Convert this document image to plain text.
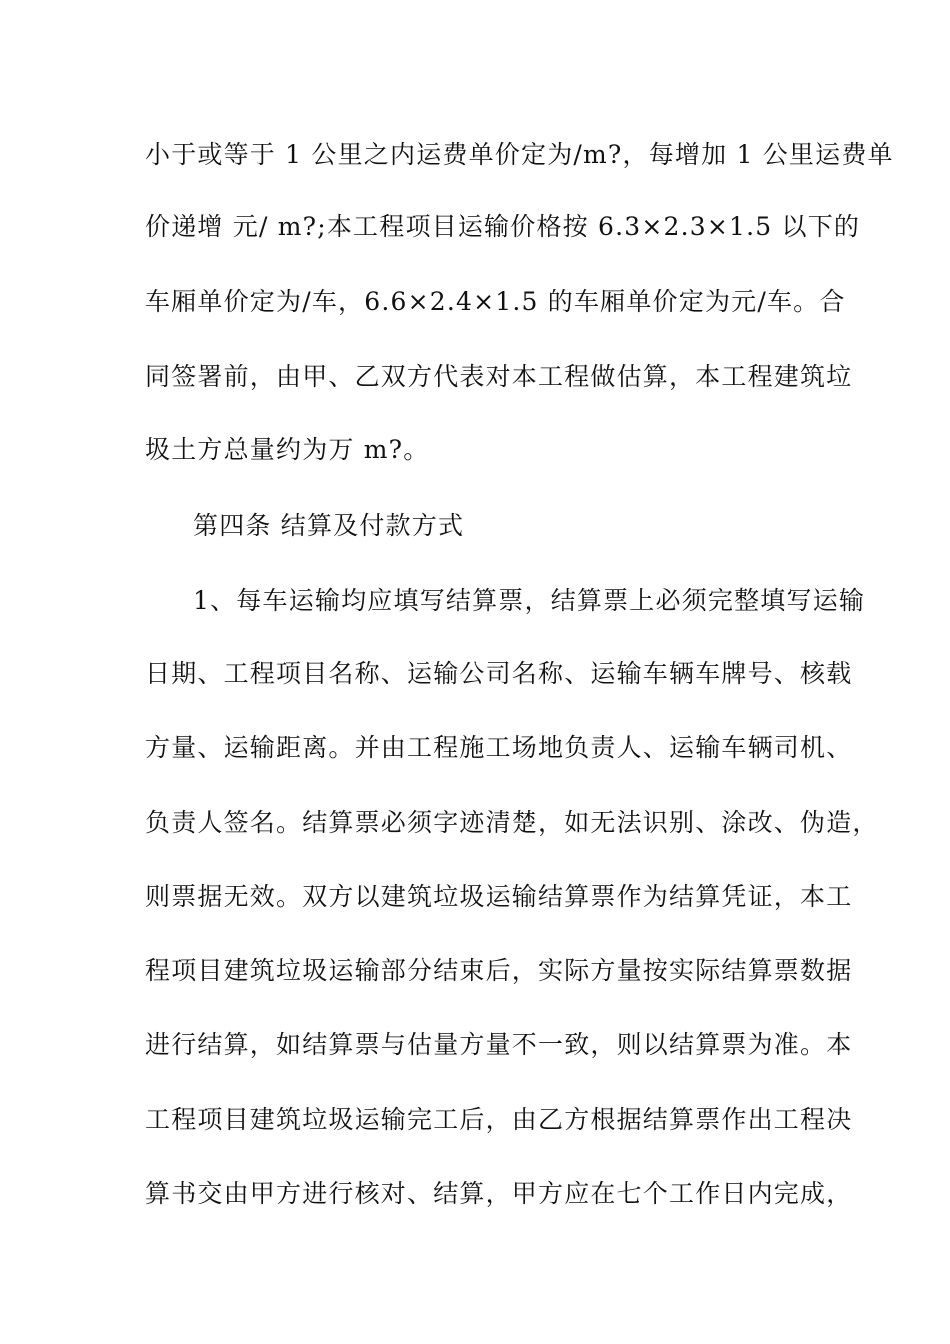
小于或等于 1 公里之内运费单价定为/m?，每增加 1 公里运费单
价递增 元/ m?;本工程项目运输价格按 6.3×2.3×1.5 以下的
车厢单价定为/车，6.6×2.4×1.5 的车厢单价定为元/车。合
同签署前，由甲、乙双方代表对本工程做估算，本工程建筑垃
圾土方总量约为万 m?。
第四条 结算及付款方式
1、每车运输均应填写结算票，结算票上必须完整填写运输
日期、工程项目名称、运输公司名称、运输车辆车牌号、核载
方量、运输距离。并由工程施工场地负责人、运输车辆司机、
负责人签名。结算票必须字迹清楚，如无法识别、涂改、伪造，
则票据无效。双方以建筑垃圾运输结算票作为结算凭证，本工
程项目建筑垃圾运输部分结束后，实际方量按实际结算票数据
进行结算，如结算票与估量方量不一致，则以结算票为准。本
工程项目建筑垃圾运输完工后，由乙方根据结算票作出工程决
算书交由甲方进行核对、结算，甲方应在七个工作日内完成，
